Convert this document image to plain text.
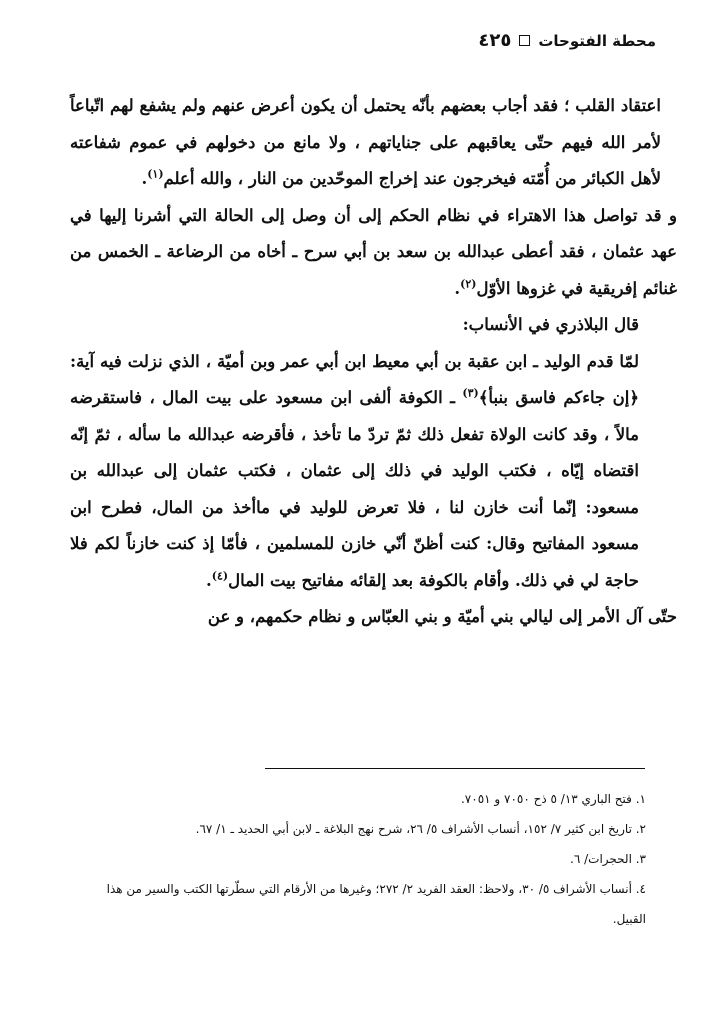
محطة الفتوحات
٤٢٥

اعتقاد القلب ؛ فقد أجاب بعضهم بأنّه يحتمل أن يكون أعرض عنهم ولم يشفع لهم اتّباعاً لأمر الله فيهم حتّى يعاقبهم على جناياتهم ، ولا مانع من دخولهم في عموم شفاعته لأهل الكبائر من أُمّته فيخرجون عند إخراج الموحّدين من النار ، والله أعلم$^{(١)}$.

و قد تواصل هذا الاهتراء في نظام الحكم إلى أن وصل إلى الحالة التي أشرنا إليها في عهد عثمان ، فقد أعطى عبدالله بن سعد بن أبي سرح ـ أخاه من الرضاعة ـ الخمس من غنائم إفريقية في غزوها الأوّل$^{(٢)}$.

قال البلاذري في الأنساب:

لمّا قدم الوليد ـ ابن عقبة بن أبي معيط ابن أبي عمر وبن أميّة ، الذي نزلت فيه آية: ﴿إن جاءكم فاسق بنبأ﴾$^{(٣)}$ ـ الكوفة ألفى ابن مسعود على بيت المال ، فاستقرضه مالاً ، وقد كانت الولاة تفعل ذلك ثمّ تردّ ما تأخذ ، فأقرضه عبدالله ما سأله ، ثمّ إنّه اقتضاه إيّاه ، فكتب الوليد في ذلك إلى عثمان ، فكتب عثمان إلى عبدالله بن مسعود: إنّما أنت خازن لنا ، فلا تعرض للوليد في ماأخذ من المال، فطرح ابن مسعود المفاتيح وقال: كنت أظنّ أنّي خازن للمسلمين ، فأمّا إذ كنت خازناً لكم فلا حاجة لي في ذلك. وأقام بالكوفة بعد إلقائه مفاتيح بيت المال$^{(٤)}$.

حتّى آل الأمر إلى ليالي بني أميّة و بني العبّاس و نظام حكمهم، و عن

١. فتح الباري ١٣/ ٥ ذح ٧٠٥٠ و ٧٠٥١.

٢. تاريخ ابن كثير ٧/ ١٥٢، أنساب الأشراف ٥/ ٢٦، شرح نهج البلاغة ـ لابن أبي الحديد ـ ١/ ٦٧.

٣. الحجرات/ ٦.

٤. أنساب الأشراف ٥/ ٣٠، ولاحظ: العقد الفريد ٢/ ٢٧٢؛ وغيرها من الأرقام التي سطّرتها الكتب والسير من هذا القبيل.
